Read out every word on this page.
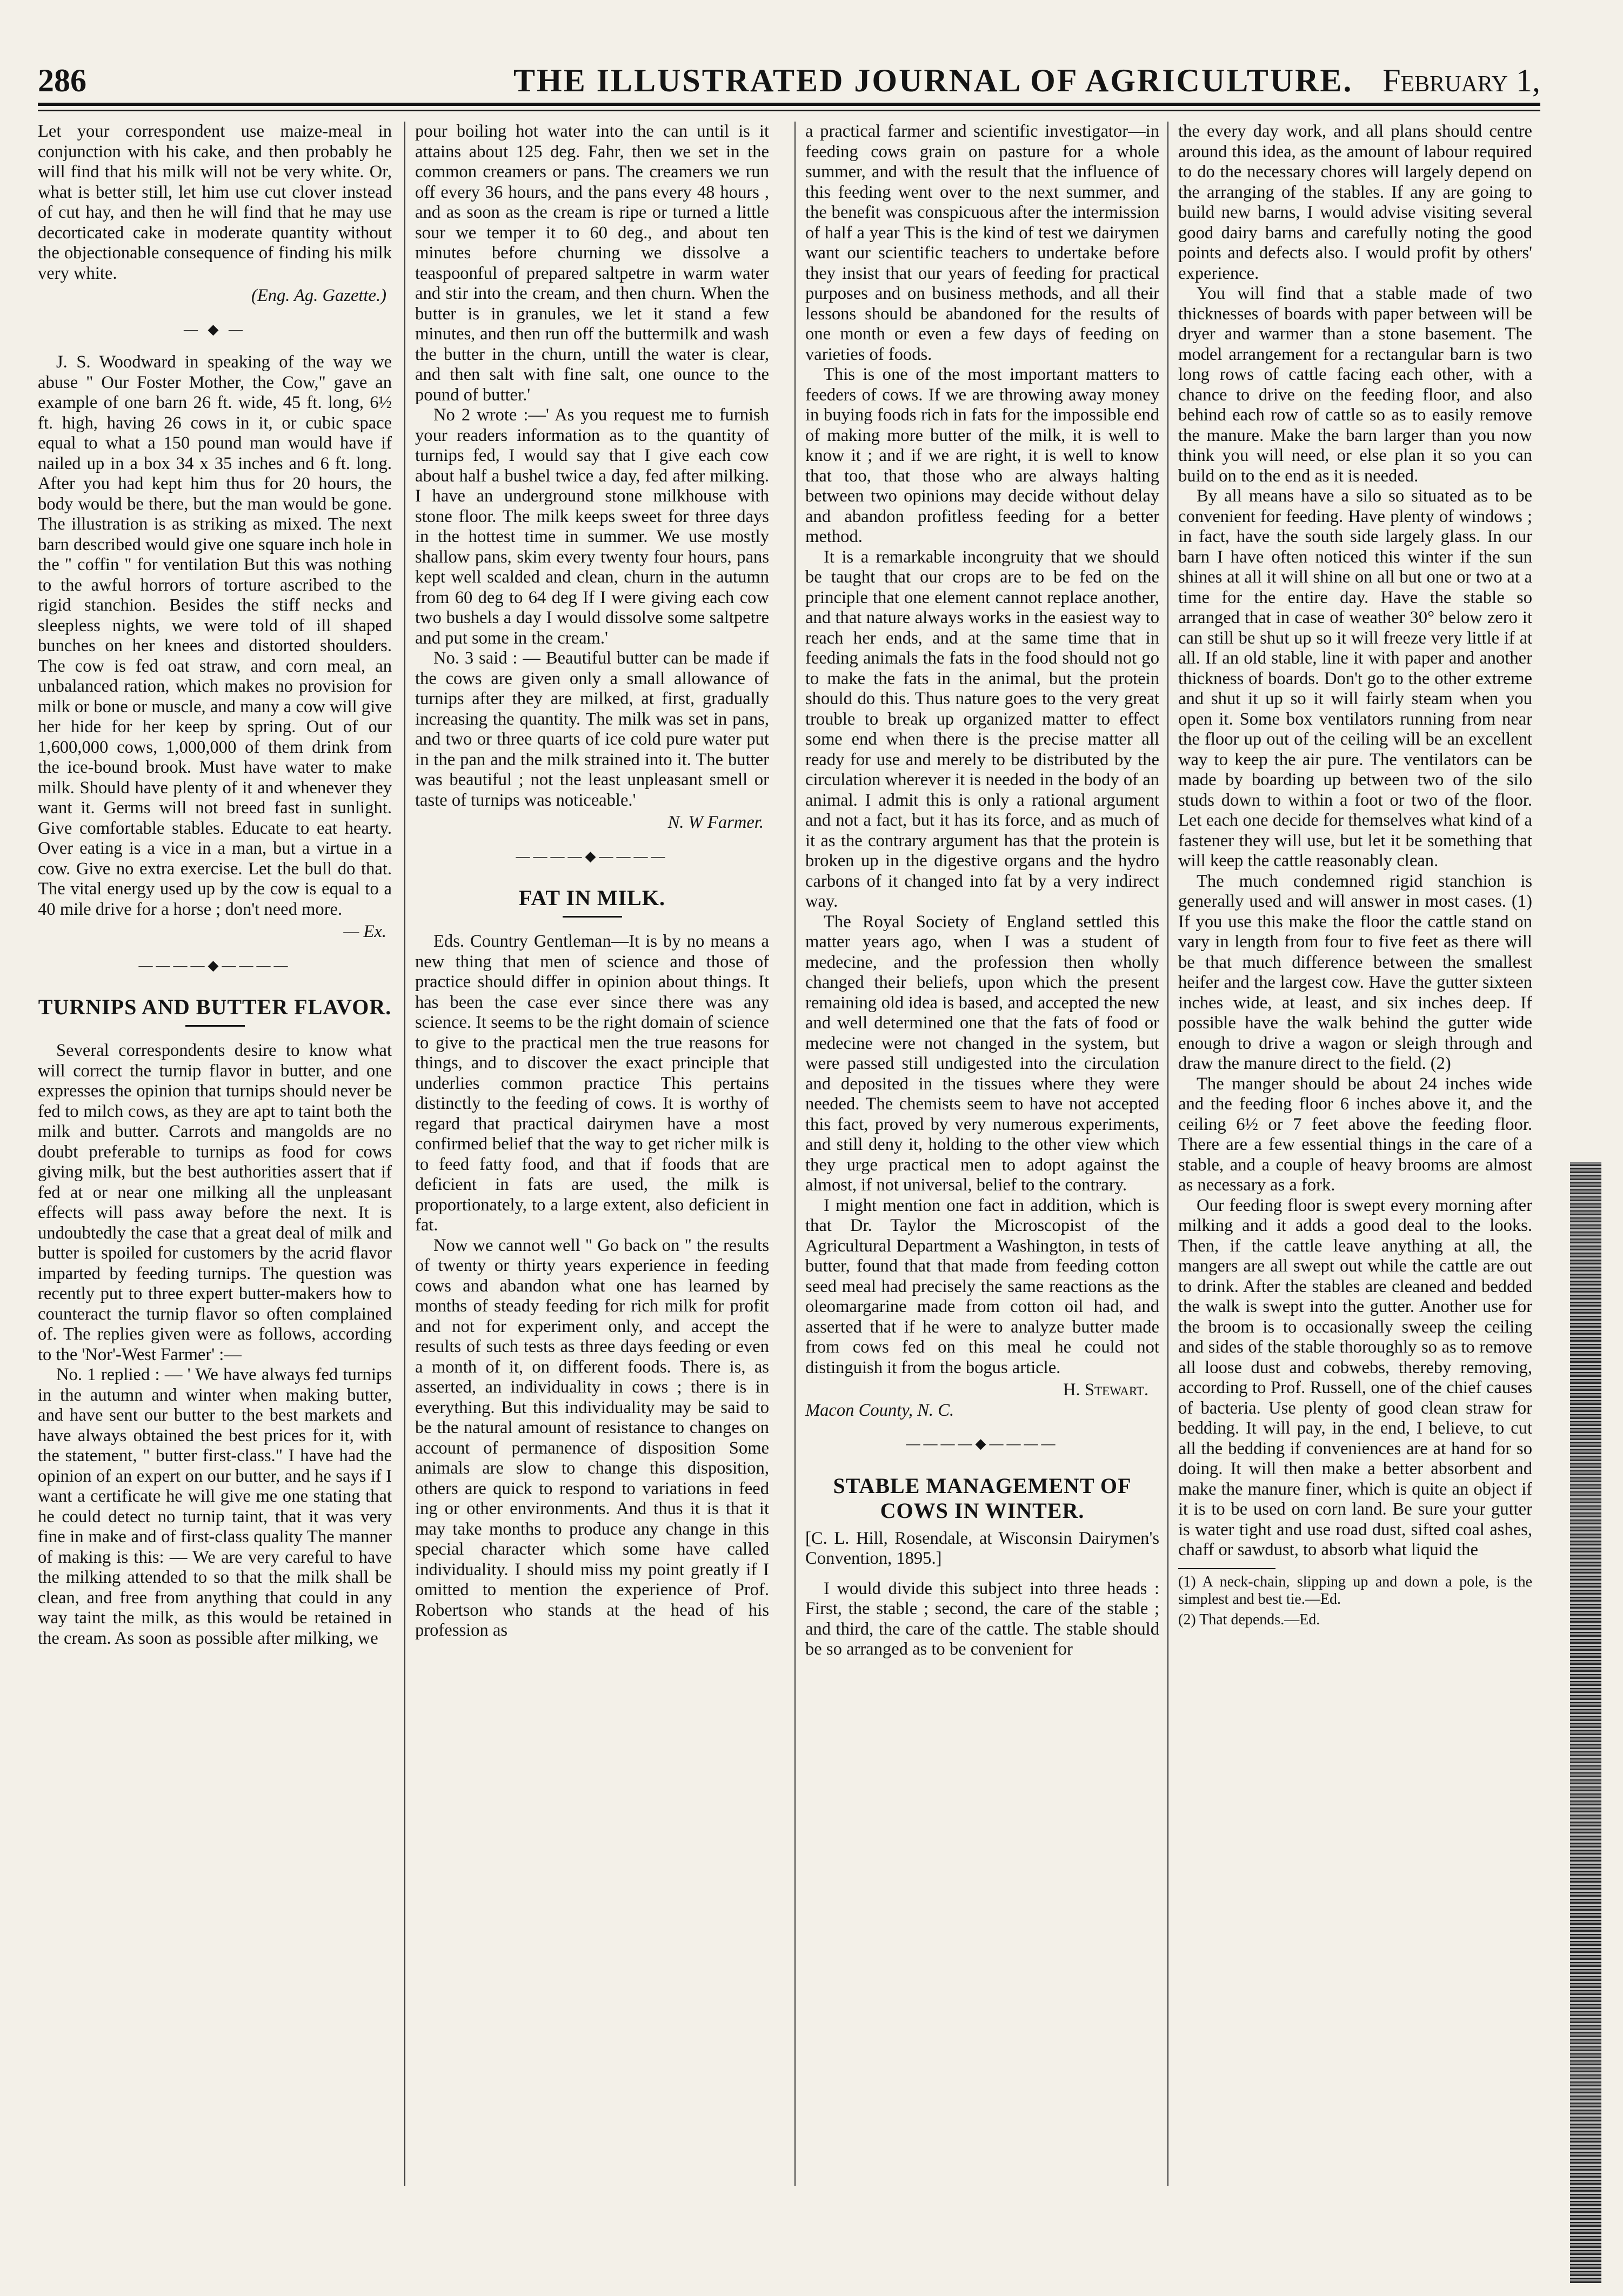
286	THE ILLUSTRATED JOURNAL OF AGRICULTURE. February 1,

Let your correspondent use maize-meal in conjunction with his cake, and then probably he will find that his milk will not be very white. Or, what is better still, let him use cut clover instead of cut hay, and then he will find that he may use decorticated cake in moderate quantity without the objectionable consequence of finding his milk very white.

(Eng. Ag. Gazette.)

— ◆ —

J. S. Woodward in speaking of the way we abuse " Our Foster Mother, the Cow," gave an example of one barn 26 ft. wide, 45 ft. long, 6½ ft. high, having 26 cows in it, or cubic space equal to what a 150 pound man would have if nailed up in a box 34 x 35 inches and 6 ft. long. After you had kept him thus for 20 hours, the body would be there, but the man would be gone. The illustration is as striking as mixed. The next barn described would give one square inch hole in the " coffin " for ventilation But this was nothing to the awful horrors of torture ascribed to the rigid stanchion. Besides the stiff necks and sleepless nights, we were told of ill shaped bunches on her knees and distorted shoulders. The cow is fed oat straw, and corn meal, an unbalanced ration, which makes no provision for milk or bone or muscle, and many a cow will give her hide for her keep by spring. Out of our 1,600,000 cows, 1,000,000 of them drink from the ice-bound brook. Must have water to make milk. Should have plenty of it and whenever they want it. Germs will not breed fast in sunlight. Give comfortable stables. Educate to eat hearty. Over eating is a vice in a man, but a virtue in a cow. Give no extra exercise. Let the bull do that. The vital energy used up by the cow is equal to a 40 mile drive for a horse ; don't need more.

— Ex.

————◆————
TURNIPS AND BUTTER FLAVOR.

Several correspondents desire to know what will correct the turnip flavor in butter, and one expresses the opinion that turnips should never be fed to milch cows, as they are apt to taint both the milk and butter. Carrots and mangolds are no doubt preferable to turnips as food for cows giving milk, but the best authorities assert that if fed at or near one milking all the unpleasant effects will pass away before the next. It is undoubtedly the case that a great deal of milk and butter is spoiled for customers by the acrid flavor imparted by feeding turnips. The question was recently put to three expert butter-makers how to counteract the turnip flavor so often complained of. The replies given were as follows, according to the 'Nor'-West Farmer' :—

No. 1 replied : — ' We have always fed turnips in the autumn and winter when making butter, and have sent our butter to the best markets and have always obtained the best prices for it, with the statement, " butter first-class." I have had the opinion of an expert on our butter, and he says if I want a certificate he will give me one stating that he could detect no turnip taint, that it was very fine in make and of first-class quality The manner of making is this: — We are very careful to have the milking attended to so that the milk shall be clean, and free from anything that could in any way taint the milk, as this would be retained in the cream. As soon as possible after milking, we

pour boiling hot water into the can until is it attains about 125 deg. Fahr, then we set in the common creamers or pans. The creamers we run off every 36 hours, and the pans every 48 hours , and as soon as the cream is ripe or turned a little sour we temper it to 60 deg., and about ten minutes before churning we dissolve a teaspoonful of prepared saltpetre in warm water and stir into the cream, and then churn. When the butter is in granules, we let it stand a few minutes, and then run off the buttermilk and wash the butter in the churn, untill the water is clear, and then salt with fine salt, one ounce to the pound of butter.'

No 2 wrote :—' As you request me to furnish your readers information as to the quantity of turnips fed, I would say that I give each cow about half a bushel twice a day, fed after milking. I have an underground stone milkhouse with stone floor. The milk keeps sweet for three days in the hottest time in summer. We use mostly shallow pans, skim every twenty four hours, pans kept well scalded and clean, churn in the autumn from 60 deg to 64 deg If I were giving each cow two bushels a day I would dissolve some saltpetre and put some in the cream.'

No. 3 said : — Beautiful butter can be made if the cows are given only a small allowance of turnips after they are milked, at first, gradually increasing the quantity. The milk was set in pans, and two or three quarts of ice cold pure water put in the pan and the milk strained into it. The butter was beautiful ; not the least unpleasant smell or taste of turnips was noticeable.'

N. W Farmer.

————◆————
FAT IN MILK.

Eds. Country Gentleman—It is by no means a new thing that men of science and those of practice should differ in opinion about things. It has been the case ever since there was any science. It seems to be the right domain of science to give to the practical men the true reasons for things, and to discover the exact principle that underlies common practice This pertains distinctly to the feeding of cows. It is worthy of regard that practical dairymen have a most confirmed belief that the way to get richer milk is to feed fatty food, and that if foods that are deficient in fats are used, the milk is proportionately, to a large extent, also deficient in fat.

Now we cannot well " Go back on " the results of twenty or thirty years experience in feeding cows and abandon what one has learned by months of steady feeding for rich milk for profit and not for experiment only, and accept the results of such tests as three days feeding or even a month of it, on different foods. There is, as asserted, an individuality in cows ; there is in everything. But this individuality may be said to be the natural amount of resistance to changes on account of permanence of disposition Some animals are slow to change this disposition, others are quick to respond to variations in feed ing or other environments. And thus it is that it may take months to produce any change in this special character which some have called individuality. I should miss my point greatly if I omitted to mention the experience of Prof. Robertson who stands at the head of his profession as

a practical farmer and scientific investigator—in feeding cows grain on pasture for a whole summer, and with the result that the influence of this feeding went over to the next summer, and the benefit was conspicuous after the intermission of half a year This is the kind of test we dairymen want our scientific teachers to undertake before they insist that our years of feeding for practical purposes and on business methods, and all their lessons should be abandoned for the results of one month or even a few days of feeding on varieties of foods.

This is one of the most important matters to feeders of cows. If we are throwing away money in buying foods rich in fats for the impossible end of making more butter of the milk, it is well to know it ; and if we are right, it is well to know that too, that those who are always halting between two opinions may decide without delay and abandon profitless feeding for a better method.

It is a remarkable incongruity that we should be taught that our crops are to be fed on the principle that one element cannot replace another, and that nature always works in the easiest way to reach her ends, and at the same time that in feeding animals the fats in the food should not go to make the fats in the animal, but the protein should do this. Thus nature goes to the very great trouble to break up organized matter to effect some end when there is the precise matter all ready for use and merely to be distributed by the circulation wherever it is needed in the body of an animal. I admit this is only a rational argument and not a fact, but it has its force, and as much of it as the contrary argument has that the protein is broken up in the digestive organs and the hydro carbons of it changed into fat by a very indirect way.

The Royal Society of England settled this matter years ago, when I was a student of medecine, and the profession then wholly changed their beliefs, upon which the present remaining old idea is based, and accepted the new and well determined one that the fats of food or medecine were not changed in the system, but were passed still undigested into the circulation and deposited in the tissues where they were needed. The chemists seem to have not accepted this fact, proved by very numerous experiments, and still deny it, holding to the other view which they urge practical men to adopt against the almost, if not universal, belief to the contrary.

I might mention one fact in addition, which is that Dr. Taylor the Microscopist of the Agricultural Department a Washington, in tests of butter, found that that made from feeding cotton seed meal had precisely the same reactions as the oleomargarine made from cotton oil had, and asserted that if he were to analyze butter made from cows fed on this meal he could not distinguish it from the bogus article.

H. Stewart.

Macon County, N. C.

————◆————
STABLE MANAGEMENT OF COWS IN WINTER.

[C. L. Hill, Rosendale, at Wisconsin Dairymen's Convention, 1895.]

I would divide this subject into three heads : First, the stable ; second, the care of the stable ; and third, the care of the cattle. The stable should be so arranged as to be convenient for

the every day work, and all plans should centre around this idea, as the amount of labour required to do the necessary chores will largely depend on the arranging of the stables. If any are going to build new barns, I would advise visiting several good dairy barns and carefully noting the good points and defects also. I would profit by others' experience.

You will find that a stable made of two thicknesses of boards with paper between will be dryer and warmer than a stone basement. The model arrangement for a rectangular barn is two long rows of cattle facing each other, with a chance to drive on the feeding floor, and also behind each row of cattle so as to easily remove the manure. Make the barn larger than you now think you will need, or else plan it so you can build on to the end as it is needed.

By all means have a silo so situated as to be convenient for feeding. Have plenty of windows ; in fact, have the south side largely glass. In our barn I have often noticed this winter if the sun shines at all it will shine on all but one or two at a time for the entire day. Have the stable so arranged that in case of weather 30° below zero it can still be shut up so it will freeze very little if at all. If an old stable, line it with paper and another thickness of boards. Don't go to the other extreme and shut it up so it will fairly steam when you open it. Some box ventilators running from near the floor up out of the ceiling will be an excellent way to keep the air pure. The ventilators can be made by boarding up between two of the silo studs down to within a foot or two of the floor. Let each one decide for themselves what kind of a fastener they will use, but let it be something that will keep the cattle reasonably clean.

The much condemned rigid stanchion is generally used and will answer in most cases. (1) If you use this make the floor the cattle stand on vary in length from four to five feet as there will be that much difference between the smallest heifer and the largest cow. Have the gutter sixteen inches wide, at least, and six inches deep. If possible have the walk behind the gutter wide enough to drive a wagon or sleigh through and draw the manure direct to the field. (2)

The manger should be about 24 inches wide and the feeding floor 6 inches above it, and the ceiling 6½ or 7 feet above the feeding floor. There are a few essential things in the care of a stable, and a couple of heavy brooms are almost as necessary as a fork.

Our feeding floor is swept every morning after milking and it adds a good deal to the looks. Then, if the cattle leave anything at all, the mangers are all swept out while the cattle are out to drink. After the stables are cleaned and bedded the walk is swept into the gutter. Another use for the broom is to occasionally sweep the ceiling and sides of the stable thoroughly so as to remove all loose dust and cobwebs, thereby removing, according to Prof. Russell, one of the chief causes of bacteria. Use plenty of good clean straw for bedding. It will pay, in the end, I believe, to cut all the bedding if conveniences are at hand for so doing. It will then make a better absorbent and make the manure finer, which is quite an object if it is to be used on corn land. Be sure your gutter is water tight and use road dust, sifted coal ashes, chaff or sawdust, to absorb what liquid the

(1) A neck-chain, slipping up and down a pole, is the simplest and best tie.—Ed.

(2) That depends.—Ed.
